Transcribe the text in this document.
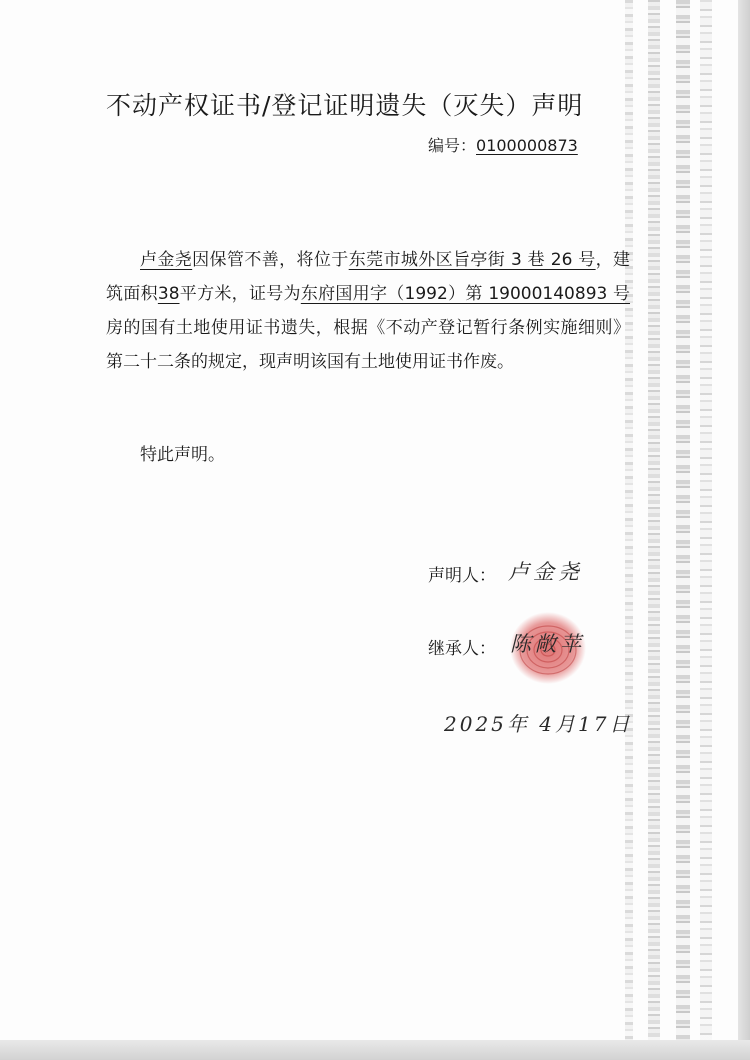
不动产权证书/登记证明遗失（灭失）声明
编号：0100000873
卢金尧因保管不善，将位于东莞市城外区旨亭街 3 巷 26 号，建筑面积38平方米，证号为东府国用字（1992）第 19000140893 号房的国有土地使用证书遗失，根据《不动产登记暂行条例实施细则》第二十二条的规定，现声明该国有土地使用证书作废。
特此声明。
声明人： 卢金尧
继承人： 陈敞苹
2025年 4月17日
